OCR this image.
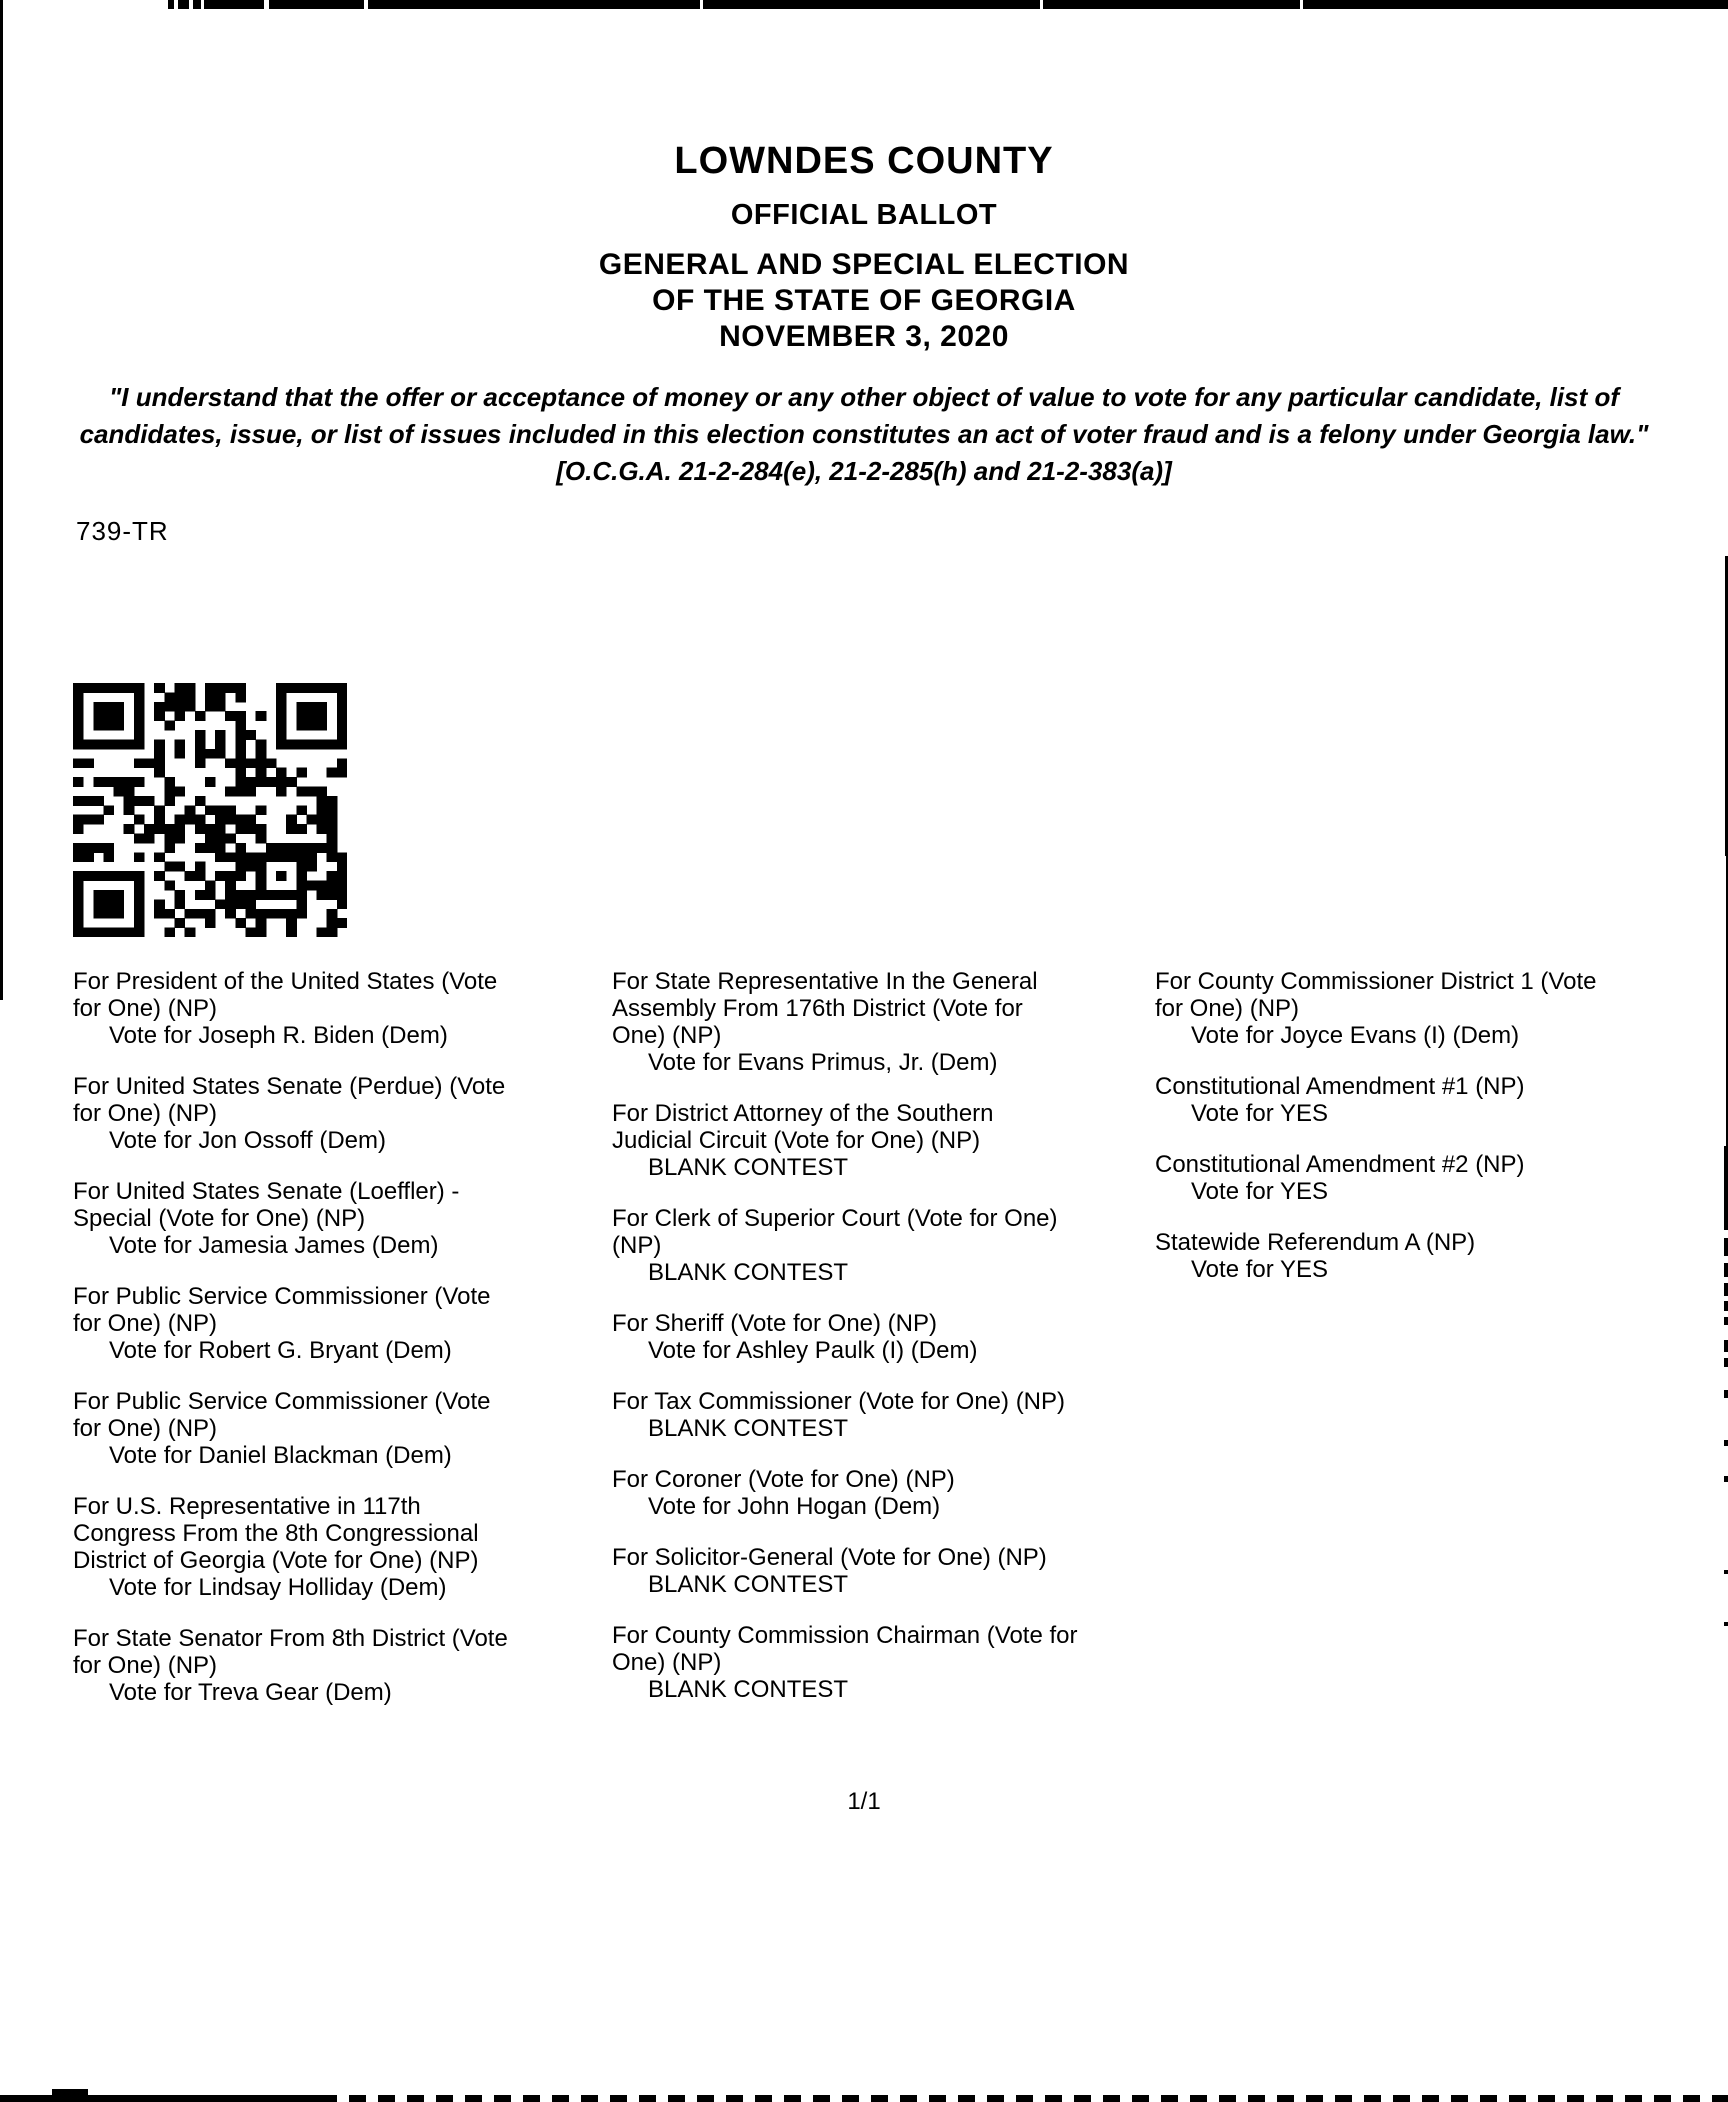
LOWNDES COUNTY
OFFICIAL BALLOT
GENERAL AND SPECIAL ELECTION
OF THE STATE OF GEORGIA
NOVEMBER 3, 2020
"I understand that the offer or acceptance of money or any other object of value to vote for any particular candidate, list of candidates, issue, or list of issues included in this election constitutes an act of voter fraud and is a felony under Georgia law." [O.C.G.A. 21-2-284(e), 21-2-285(h) and 21-2-383(a)]
739-TR
For President of the United States (Vote for One) (NP)
Vote for Joseph R. Biden (Dem)
For United States Senate (Perdue) (Vote for One) (NP)
Vote for Jon Ossoff (Dem)
For United States Senate (Loeffler) - Special (Vote for One) (NP)
Vote for Jamesia James (Dem)
For Public Service Commissioner (Vote for One) (NP)
Vote for Robert G. Bryant (Dem)
For Public Service Commissioner (Vote for One) (NP)
Vote for Daniel Blackman (Dem)
For U.S. Representative in 117th Congress From the 8th Congressional District of Georgia (Vote for One) (NP)
Vote for Lindsay Holliday (Dem)
For State Senator From 8th District (Vote for One) (NP)
Vote for Treva Gear (Dem)
For State Representative In the General Assembly From 176th District (Vote for One) (NP)
Vote for Evans Primus, Jr. (Dem)
For District Attorney of the Southern Judicial Circuit (Vote for One) (NP)
BLANK CONTEST
For Clerk of Superior Court (Vote for One) (NP)
BLANK CONTEST
For Sheriff (Vote for One) (NP)
Vote for Ashley Paulk (I) (Dem)
For Tax Commissioner (Vote for One) (NP)
BLANK CONTEST
For Coroner (Vote for One) (NP)
Vote for John Hogan (Dem)
For Solicitor-General (Vote for One) (NP)
BLANK CONTEST
For County Commission Chairman (Vote for One) (NP)
BLANK CONTEST
For County Commissioner District 1 (Vote for One) (NP)
Vote for Joyce Evans (I) (Dem)
Constitutional Amendment #1 (NP)
Vote for YES
Constitutional Amendment #2 (NP)
Vote for YES
Statewide Referendum A (NP)
Vote for YES
1/1
